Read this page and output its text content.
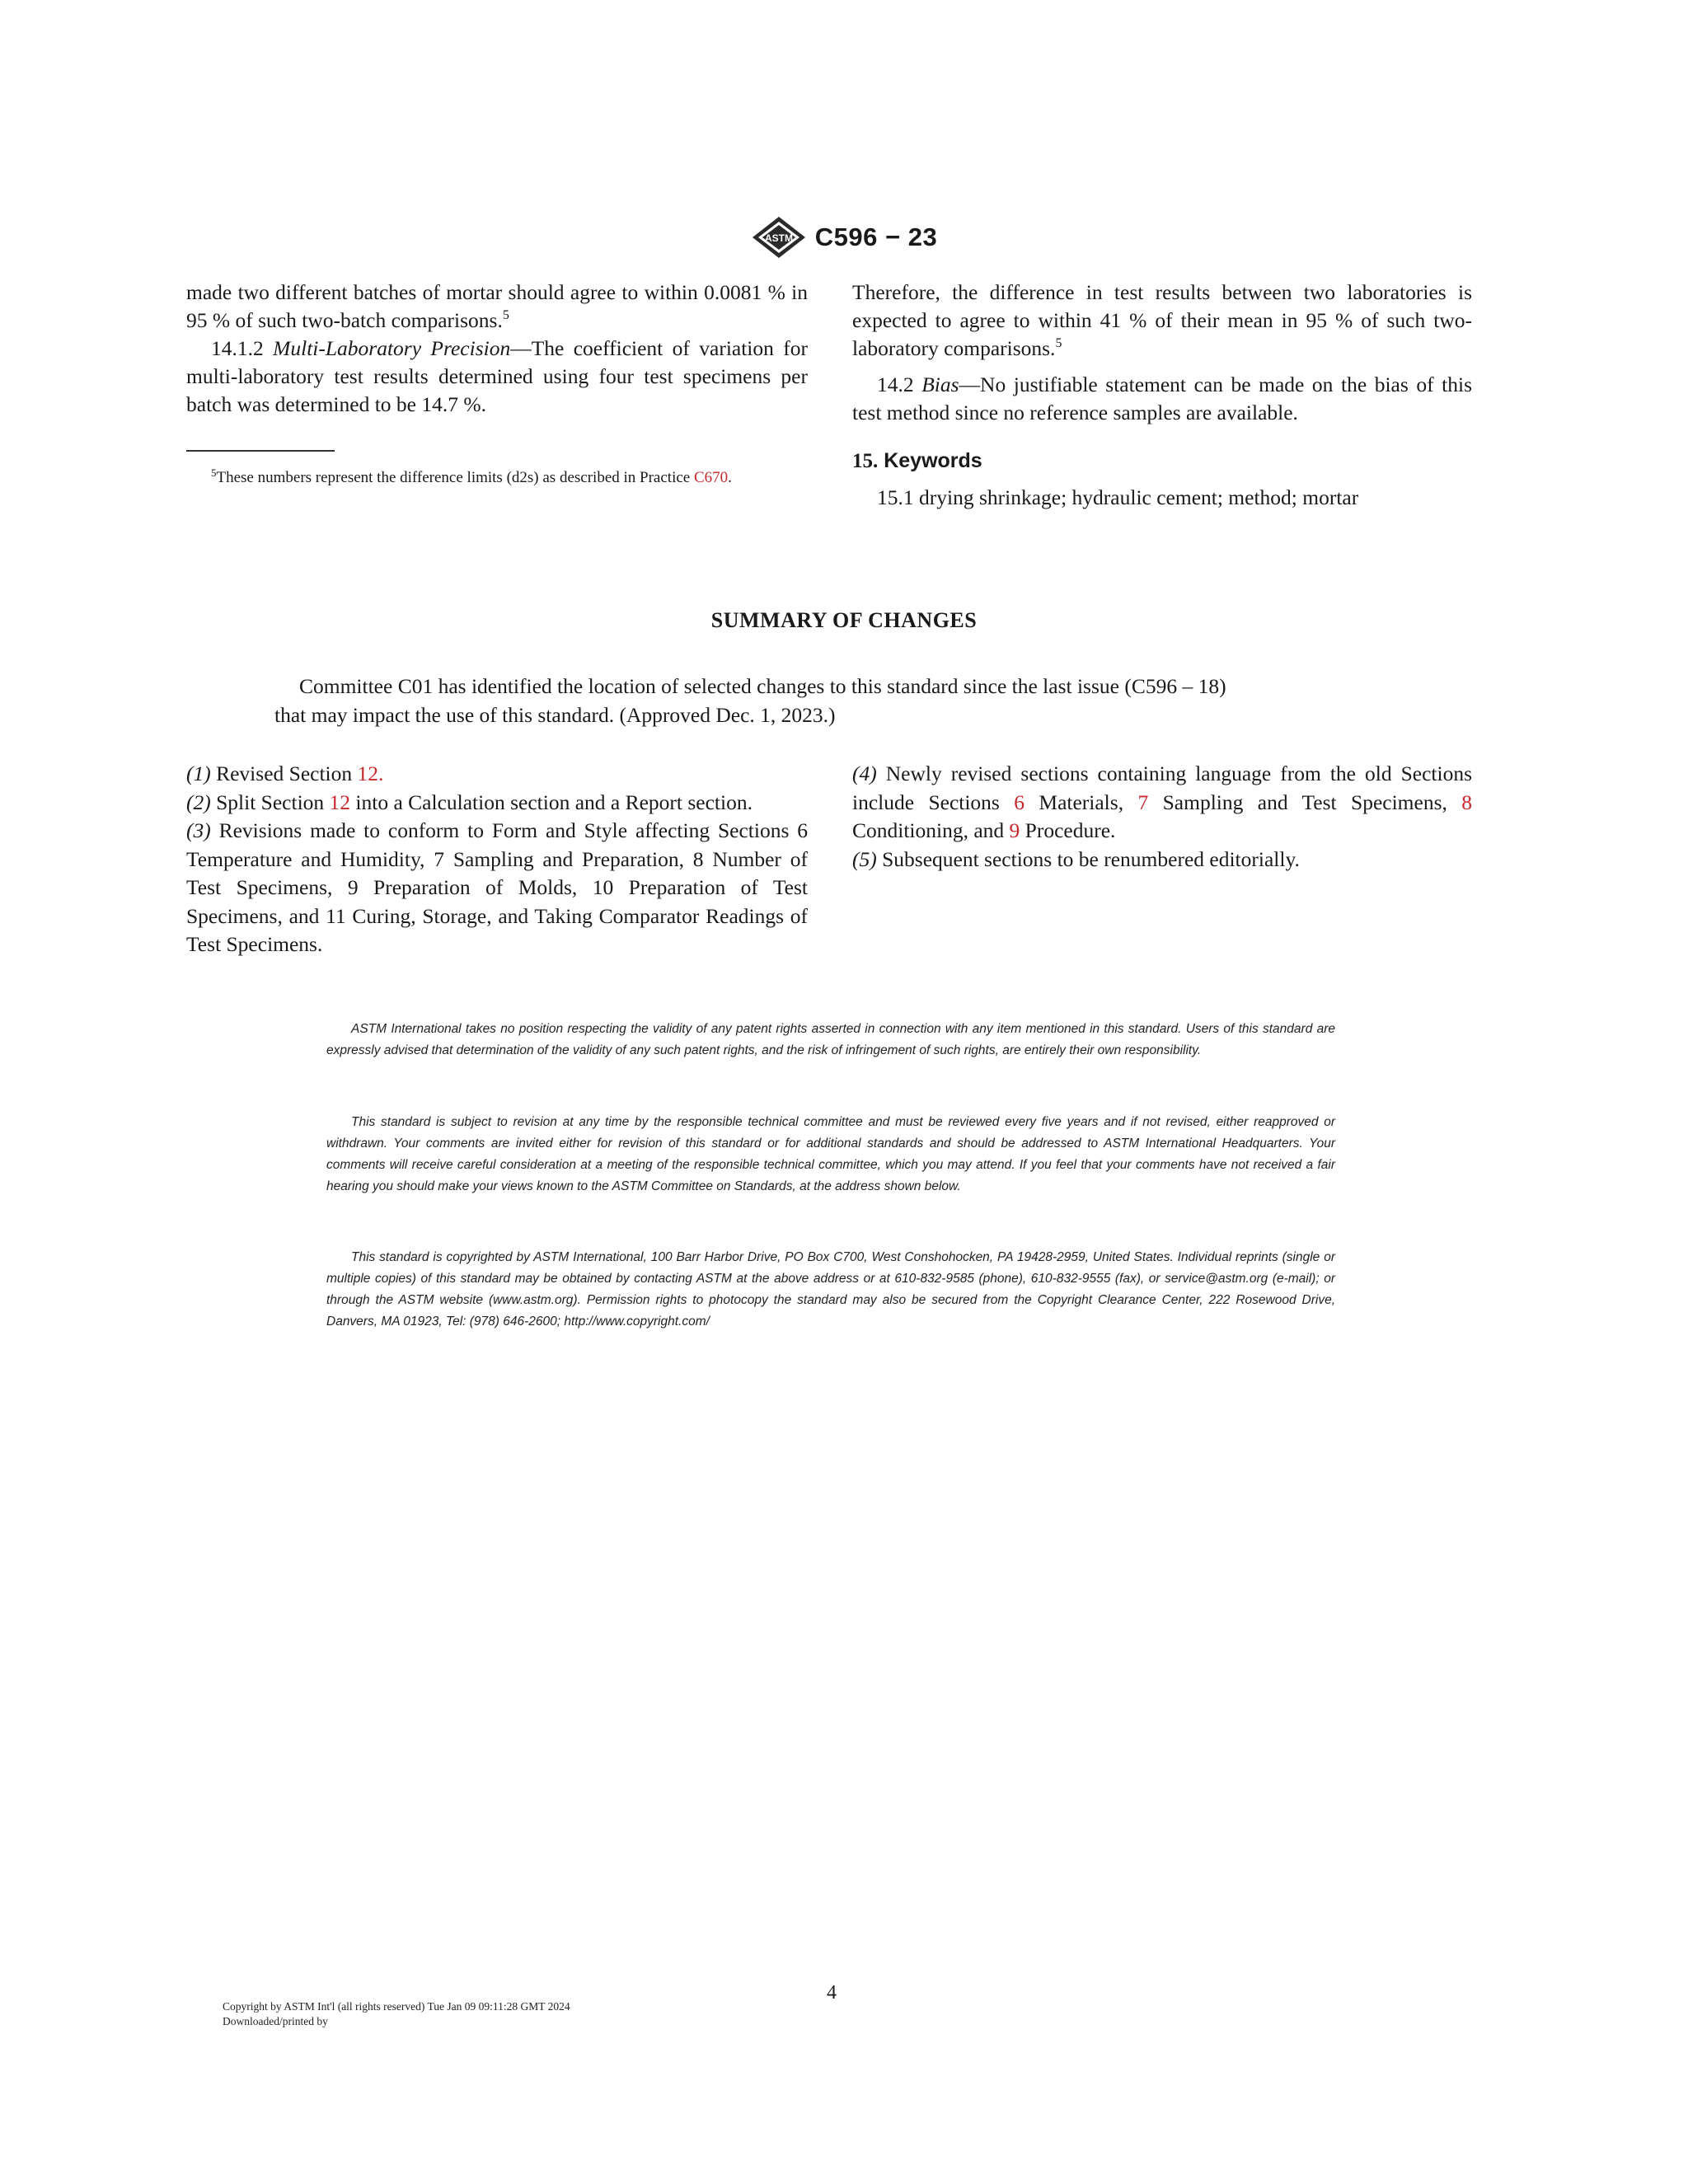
ASTM C596 − 23

made two different batches of mortar should agree to within 0.0081 % in 95 % of such two-batch comparisons.$^5$

14.1.2 Multi-Laboratory Precision—The coefficient of variation for multi-laboratory test results determined using four test specimens per batch was determined to be 14.7 %.

$^5$These numbers represent the difference limits (d2s) as described in Practice C670.

Therefore, the difference in test results between two laboratories is expected to agree to within 41 % of their mean in 95 % of such two-laboratory comparisons.$^5$

14.2 Bias—No justifiable statement can be made on the bias of this test method since no reference samples are available.

15. Keywords

15.1 drying shrinkage; hydraulic cement; method; mortar

SUMMARY OF CHANGES

Committee C01 has identified the location of selected changes to this standard since the last issue (C596 – 18)

that may impact the use of this standard. (Approved Dec. 1, 2023.)

(1) Revised Section 12.

(2) Split Section 12 into a Calculation section and a Report section.

(3) Revisions made to conform to Form and Style affecting Sections 6 Temperature and Humidity, 7 Sampling and Preparation, 8 Number of Test Specimens, 9 Preparation of Molds, 10 Preparation of Test Specimens, and 11 Curing, Storage, and Taking Comparator Readings of Test Specimens.

(4) Newly revised sections containing language from the old Sections include Sections 6 Materials, 7 Sampling and Test Specimens, 8 Conditioning, and 9 Procedure.

(5) Subsequent sections to be renumbered editorially.

ASTM International takes no position respecting the validity of any patent rights asserted in connection with any item mentioned in this standard. Users of this standard are expressly advised that determination of the validity of any such patent rights, and the risk of infringement of such rights, are entirely their own responsibility.

This standard is subject to revision at any time by the responsible technical committee and must be reviewed every five years and if not revised, either reapproved or withdrawn. Your comments are invited either for revision of this standard or for additional standards and should be addressed to ASTM International Headquarters. Your comments will receive careful consideration at a meeting of the responsible technical committee, which you may attend. If you feel that your comments have not received a fair hearing you should make your views known to the ASTM Committee on Standards, at the address shown below.

This standard is copyrighted by ASTM International, 100 Barr Harbor Drive, PO Box C700, West Conshohocken, PA 19428-2959, United States. Individual reprints (single or multiple copies) of this standard may be obtained by contacting ASTM at the above address or at 610-832-9585 (phone), 610-832-9555 (fax), or service@astm.org (e-mail); or through the ASTM website (www.astm.org). Permission rights to photocopy the standard may also be secured from the Copyright Clearance Center, 222 Rosewood Drive, Danvers, MA 01923, Tel: (978) 646-2600; http://www.copyright.com/

4
Copyright by ASTM Int'l (all rights reserved) Tue Jan 09 09:11:28 GMT 2024
Downloaded/printed by
